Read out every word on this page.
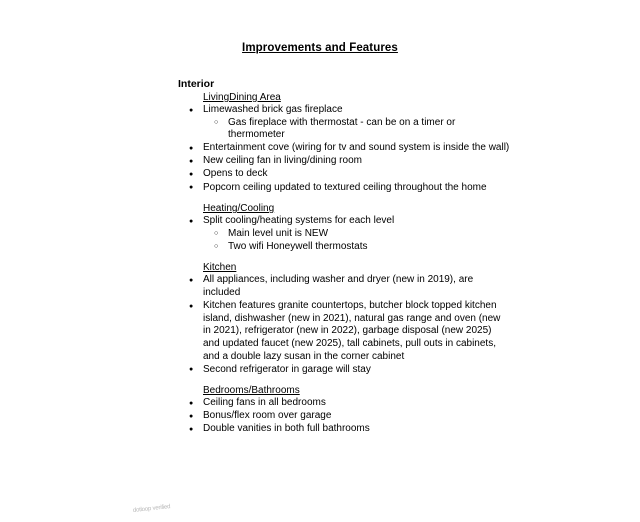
Improvements and Features
Interior
LivingDining Area
● Limewashed brick gas fireplace
○ Gas fireplace with thermostat - can be on a timer or thermometer
● Entertainment cove (wiring for tv and sound system is inside the wall)
● New ceiling fan in living/dining room
● Opens to deck
● Popcorn ceiling updated to textured ceiling throughout the home
Heating/Cooling
● Split cooling/heating systems for each level
○ Main level unit is NEW
○ Two wifi Honeywell thermostats
Kitchen
● All appliances, including washer and dryer (new in 2019), are included
● Kitchen features granite countertops, butcher block topped kitchen island, dishwasher (new in 2021), natural gas range and oven (new in 2021), refrigerator (new in 2022), garbage disposal (new 2025) and updated faucet (new 2025), tall cabinets, pull outs in cabinets, and a double lazy susan in the corner cabinet
● Second refrigerator in garage will stay
Bedrooms/Bathrooms
● Ceiling fans in all bedrooms
● Bonus/flex room over garage
● Double vanities in both full bathrooms
dotloop verified
